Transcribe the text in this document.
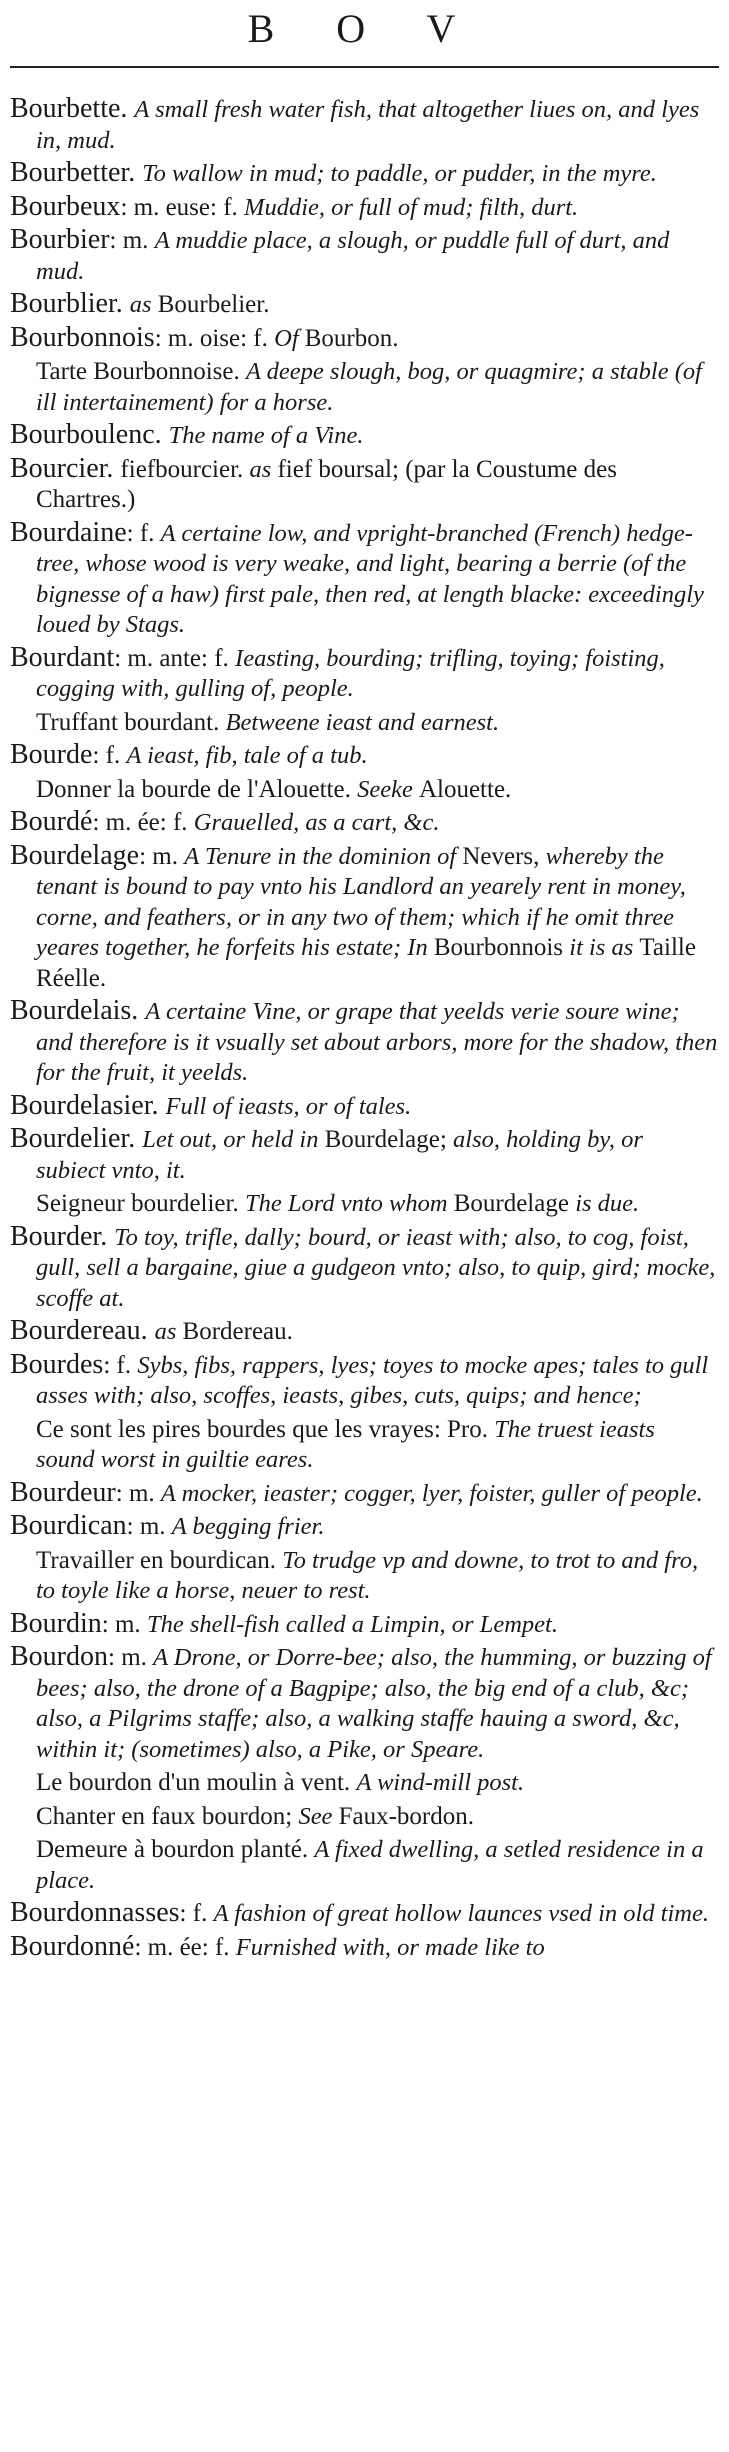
B O V
Bourbette. A small fresh water fish, that altogether liues on, and lyes in, mud.
Bourbetter. To wallow in mud; to paddle, or pudder, in the myre.
Bourbeux: m. euse: f. Muddie, or full of mud; filth, durt.
Bourbier: m. A muddie place, a slough, or puddle full of durt, and mud.
Bourblier. as Bourbelier.
Bourbonnois: m. oise: f. Of Bourbon.
Tarte Bourbonnoise. A deepe slough, bog, or quagmire; a stable (of ill intertainement) for a horse.
Bourboulenc. The name of a Vine.
Bourcier. fiefbourcier. as fief boursal; (par la Coustume des Chartres.)
Bourdaine: f. A certaine low, and vpright-branched (French) hedge-tree, whose wood is very weake, and light, bearing a berrie (of the bignesse of a haw) first pale, then red, at length blacke: exceedingly loued by Stags.
Bourdant: m. ante: f. Ieasting, bourding; trifling, toying; foisting, cogging with, gulling of, people.
Truffant bourdant. Betweene ieast and earnest.
Bourde: f. A ieast, fib, tale of a tub.
Donner la bourde de l'Alouette. Seeke Alouette.
Bourdé: m. ée: f. Grauelled, as a cart, &c.
Bourdelage: m. A Tenure in the dominion of Nevers, whereby the tenant is bound to pay vnto his Landlord an yearely rent in money, corne, and feathers, or in any two of them; which if he omit three yeares together, he forfeits his estate; In Bourbonnois it is as Taille Réelle.
Bourdelais. A certaine Vine, or grape that yeelds verie soure wine; and therefore is it vsually set about arbors, more for the shadow, then for the fruit, it yeelds.
Bourdelasier. Full of ieasts, or of tales.
Bourdelier. Let out, or held in Bourdelage; also, holding by, or subiect vnto, it.
Seigneur bourdelier. The Lord vnto whom Bourdelage is due.
Bourder. To toy, trifle, dally; bourd, or ieast with; also, to cog, foist, gull, sell a bargaine, giue a gudgeon vnto; also, to quip, gird; mocke, scoffe at.
Bourdereau. as Bordereau.
Bourdes: f. Sybs, fibs, rappers, lyes; toyes to mocke apes; tales to gull asses with; also, scoffes, ieasts, gibes, cuts, quips; and hence;
Ce sont les pires bourdes que les vrayes: Pro. The truest ieasts sound worst in guiltie eares.
Bourdeur: m. A mocker, ieaster; cogger, lyer, foister, guller of people.
Bourdican: m. A begging frier.
Travailler en bourdican. To trudge vp and downe, to trot to and fro, to toyle like a horse, neuer to rest.
Bourdin: m. The shell-fish called a Limpin, or Lempet.
Bourdon: m. A Drone, or Dorre-bee; also, the humming, or buzzing of bees; also, the drone of a Bagpipe; also, the big end of a club, &c; also, a Pilgrims staffe; also, a walking staffe hauing a sword, &c, within it; (sometimes) also, a Pike, or Speare.
Le bourdon d'un moulin à vent. A wind-mill post.
Chanter en faux bourdon; See Faux-bordon.
Demeure à bourdon planté. A fixed dwelling, a setled residence in a place.
Bourdonnasses: f. A fashion of great hollow launces vsed in old time.
Bourdonné: m. ée: f. Furnished with, or made like to
